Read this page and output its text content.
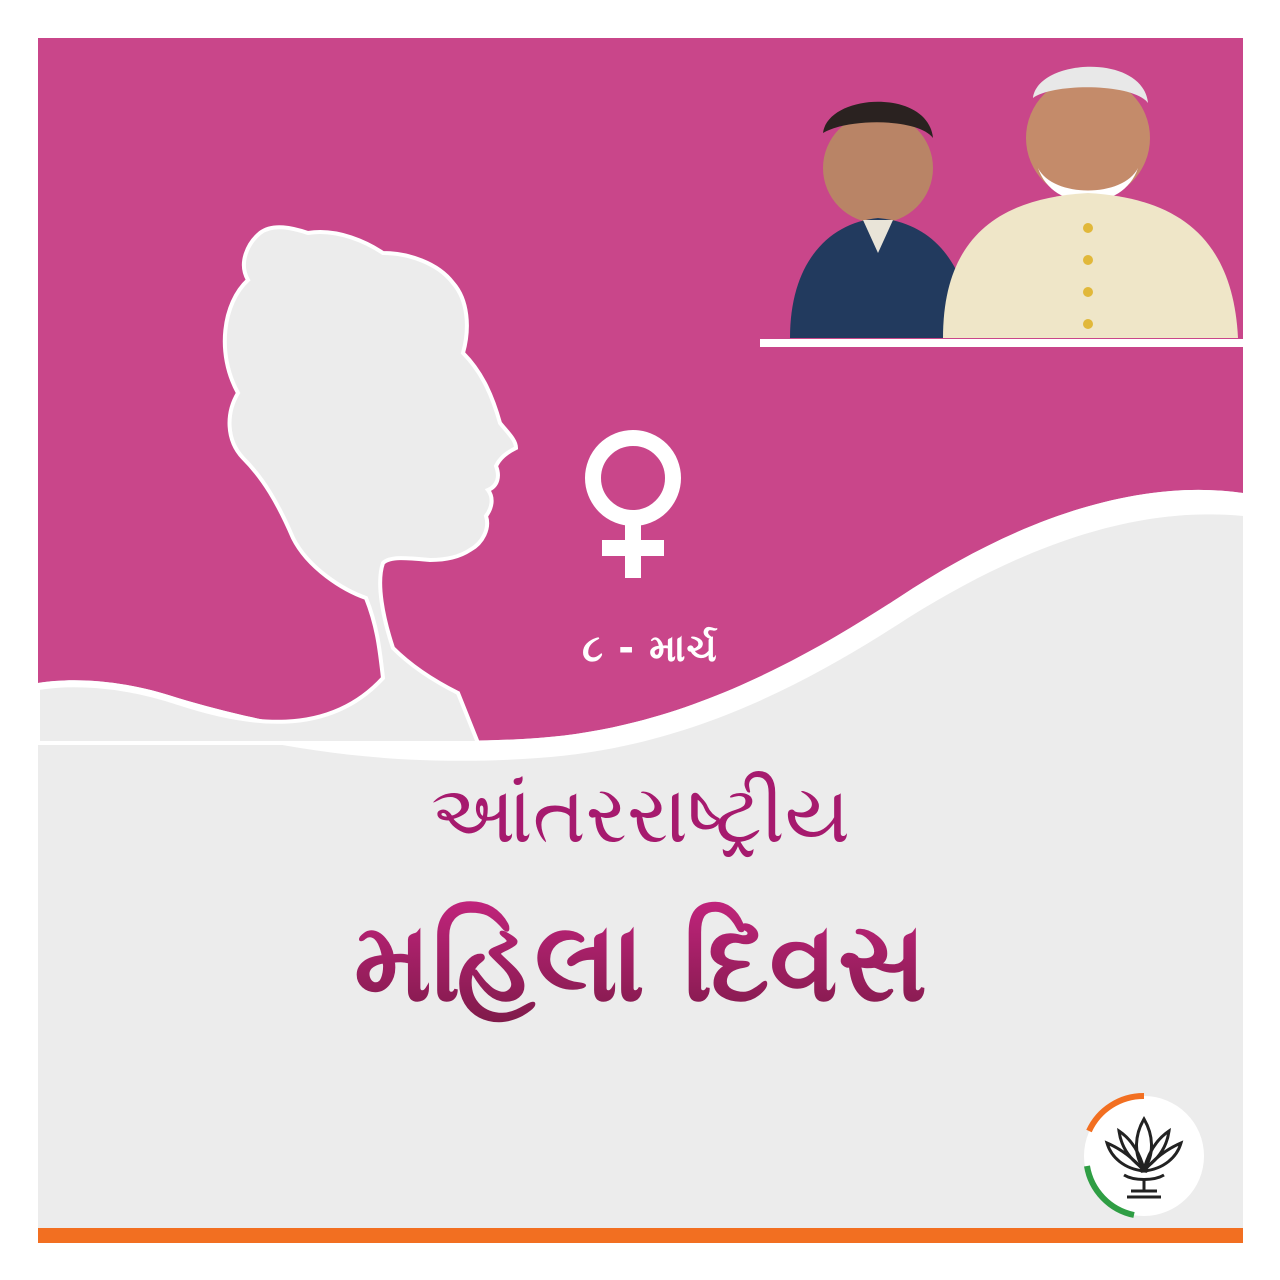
૮ - માર્ચ
આંતરરાષ્ટ્રીય
મહિલા દિવસ
